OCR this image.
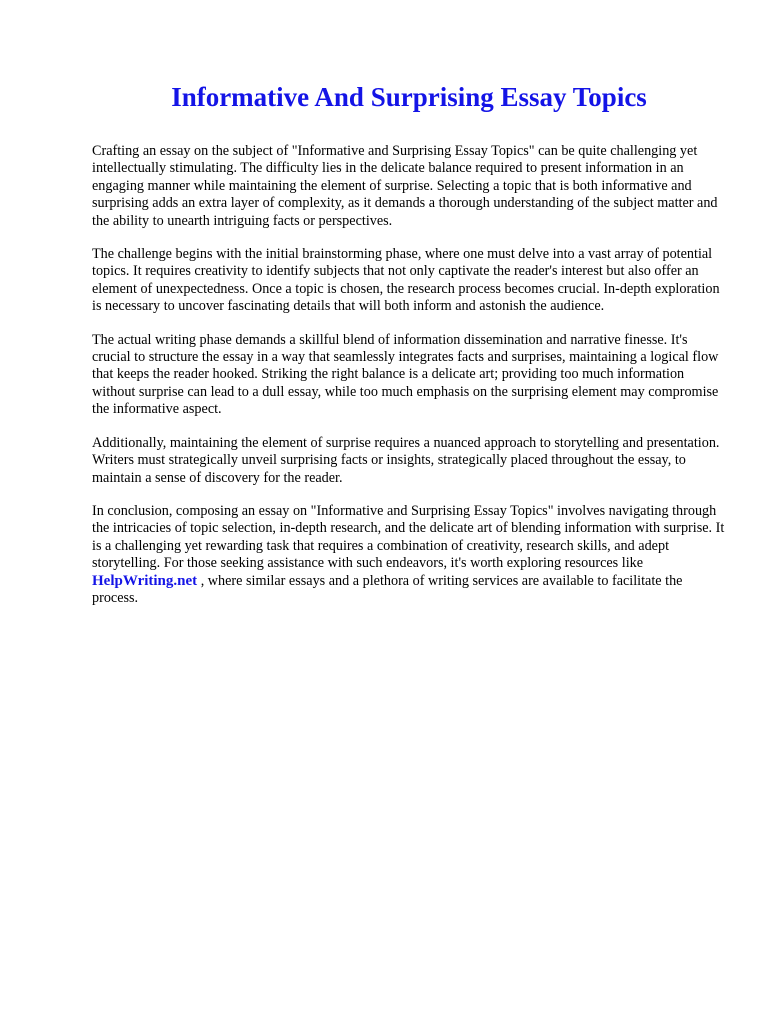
Informative And Surprising Essay Topics

Crafting an essay on the subject of "Informative and Surprising Essay Topics" can be quite challenging yet intellectually stimulating. The difficulty lies in the delicate balance required to present information in an engaging manner while maintaining the element of surprise. Selecting a topic that is both informative and surprising adds an extra layer of complexity, as it demands a thorough understanding of the subject matter and the ability to unearth intriguing facts or perspectives.

The challenge begins with the initial brainstorming phase, where one must delve into a vast array of potential topics. It requires creativity to identify subjects that not only captivate the reader's interest but also offer an element of unexpectedness. Once a topic is chosen, the research process becomes crucial. In-depth exploration is necessary to uncover fascinating details that will both inform and astonish the audience.

The actual writing phase demands a skillful blend of information dissemination and narrative finesse. It's crucial to structure the essay in a way that seamlessly integrates facts and surprises, maintaining a logical flow that keeps the reader hooked. Striking the right balance is a delicate art; providing too much information without surprise can lead to a dull essay, while too much emphasis on the surprising element may compromise the informative aspect.

Additionally, maintaining the element of surprise requires a nuanced approach to storytelling and presentation. Writers must strategically unveil surprising facts or insights, strategically placed throughout the essay, to maintain a sense of discovery for the reader.

In conclusion, composing an essay on "Informative and Surprising Essay Topics" involves navigating through the intricacies of topic selection, in-depth research, and the delicate art of blending information with surprise. It is a challenging yet rewarding task that requires a combination of creativity, research skills, and adept storytelling. For those seeking assistance with such endeavors, it's worth exploring resources like HelpWriting.net , where similar essays and a plethora of writing services are available to facilitate the process.
